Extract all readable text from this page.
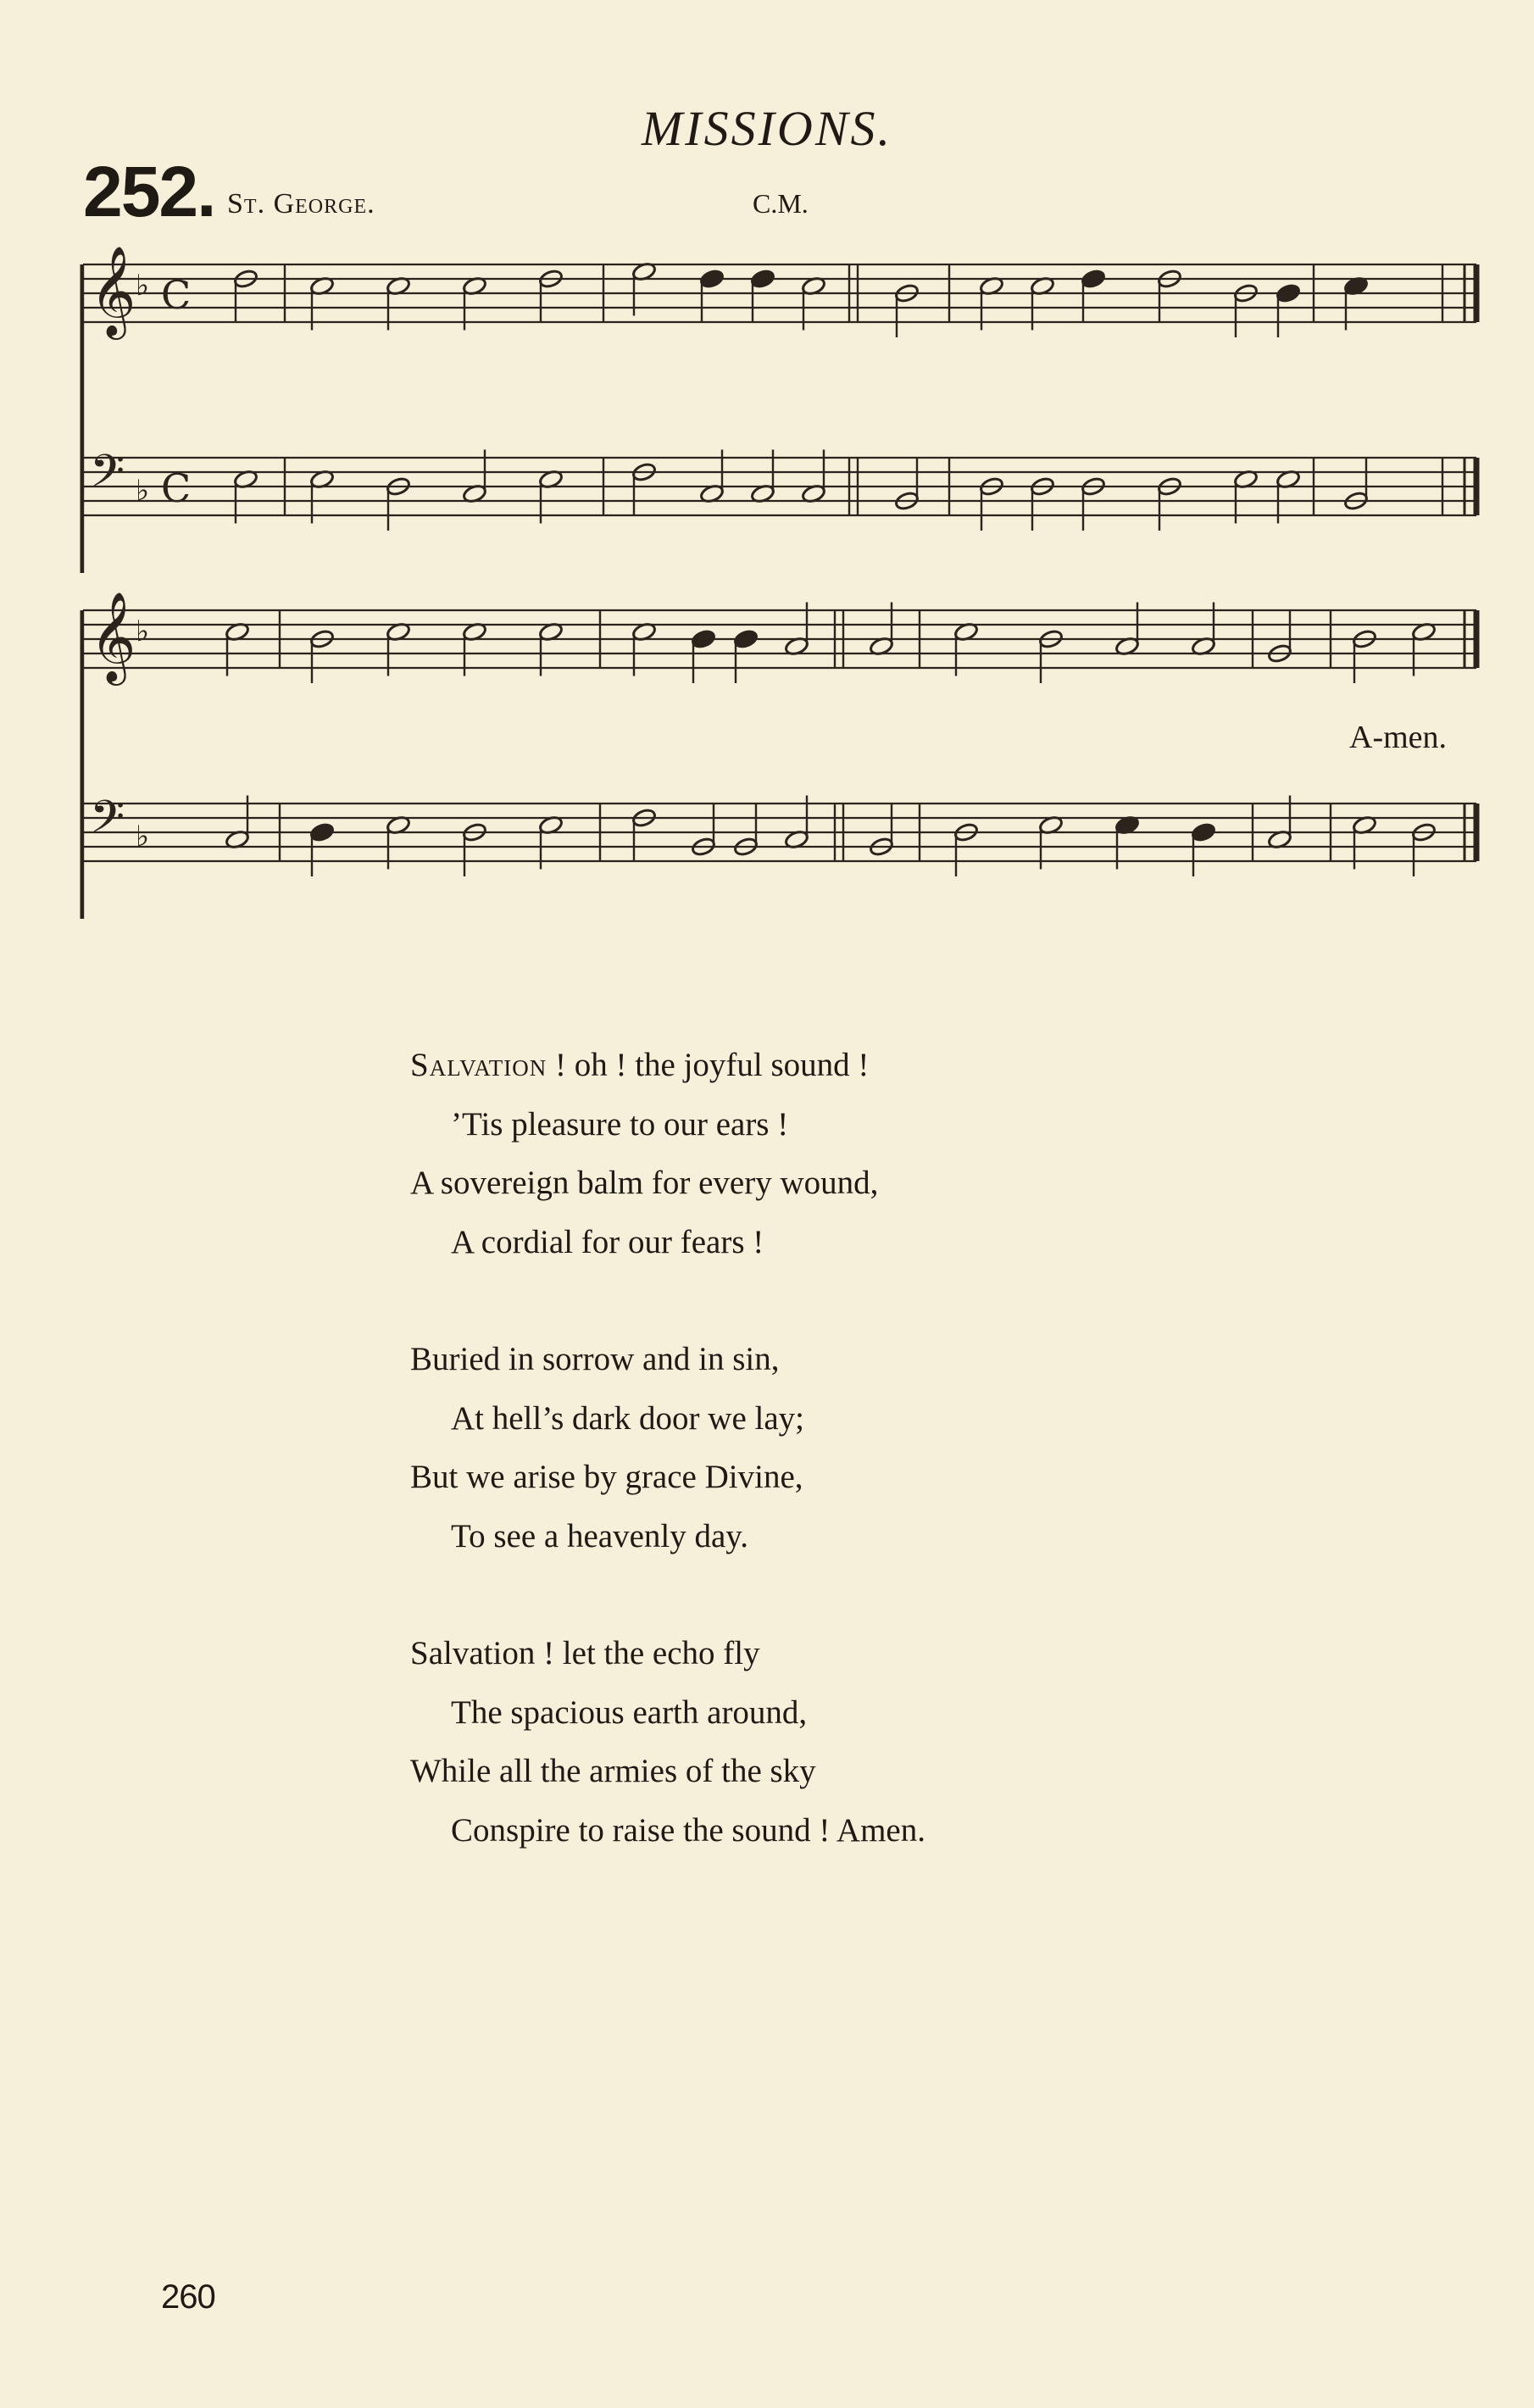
MISSIONS.
252. St. George.	C.M.
𝄞 ♭ C
𝄢 ♭ C
𝄞 ♭
𝄢 ♭
A-men.
Salvation ! oh ! the joyful sound !
’Tis pleasure to our ears !
A sovereign balm for every wound,
A cordial for our fears !
Buried in sorrow and in sin,
At hell’s dark door we lay;
But we arise by grace Divine,
To see a heavenly day.
Salvation ! let the echo fly
The spacious earth around,
While all the armies of the sky
Conspire to raise the sound ! Amen.
260
